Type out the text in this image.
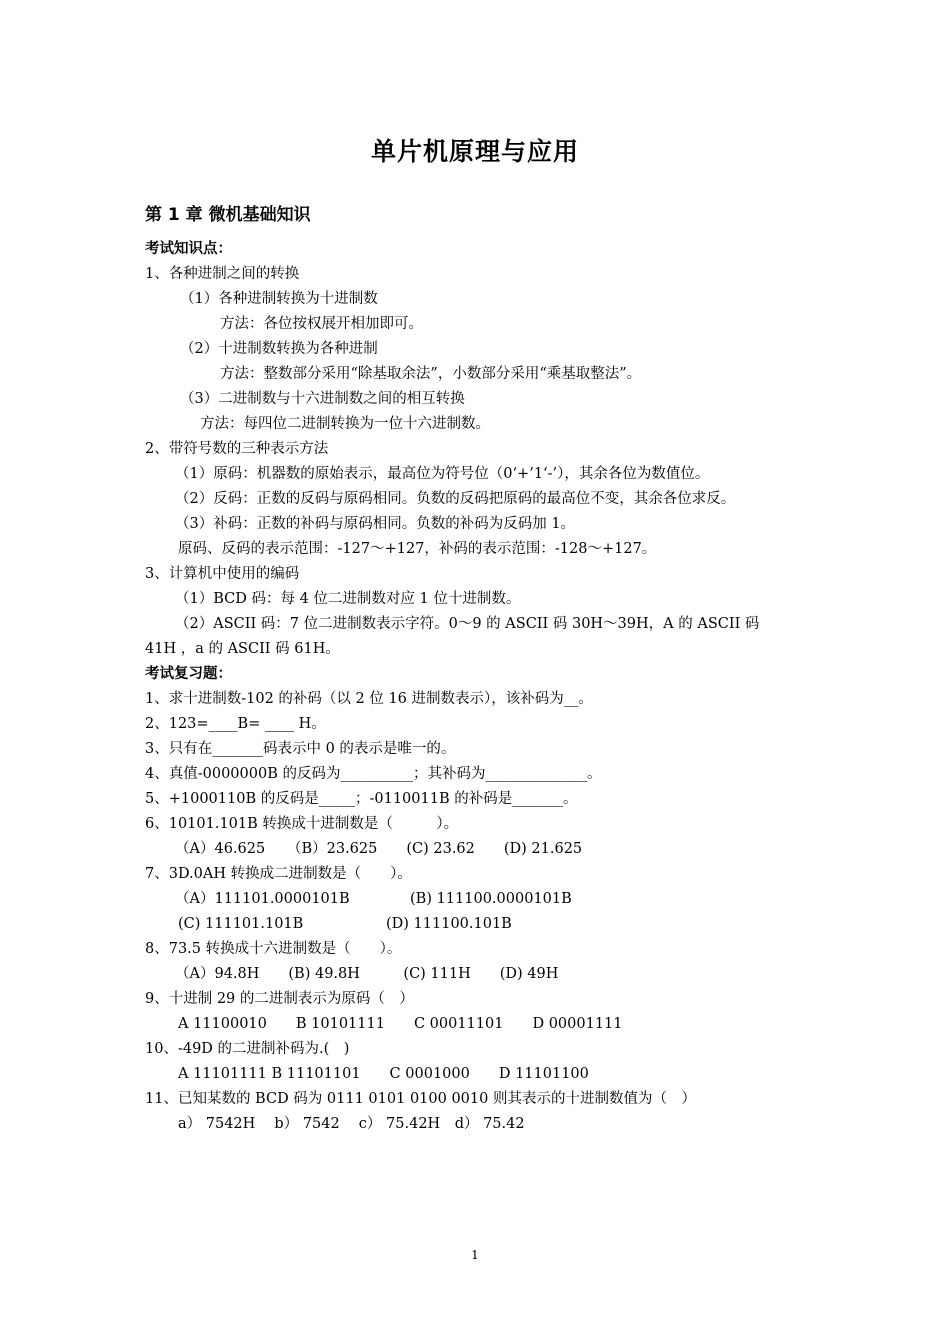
单片机原理与应用
第 1 章 微机基础知识
考试知识点：
1、各种进制之间的转换
（1）各种进制转换为十进制数
方法：各位按权展开相加即可。
（2）十进制数转换为各种进制
方法：整数部分采用“除基取余法”，小数部分采用“乘基取整法”。
（3）二进制数与十六进制数之间的相互转换
方法：每四位二进制转换为一位十六进制数。
2、带符号数的三种表示方法
（1）原码：机器数的原始表示，最高位为符号位（0‘+’1‘-’），其余各位为数值位。
（2）反码：正数的反码与原码相同。负数的反码把原码的最高位不变，其余各位求反。
（3）补码：正数的补码与原码相同。负数的补码为反码加 1。
原码、反码的表示范围：-127～+127，补码的表示范围：-128～+127。
3、计算机中使用的编码
（1）BCD 码：每 4 位二进制数对应 1 位十进制数。
（2）ASCII 码：7 位二进制数表示字符。0～9 的 ASCII 码 30H～39H，A 的 ASCII 码
41H ，a 的 ASCII 码 61H。
考试复习题：
1、求十进制数-102 的补码（以 2 位 16 进制数表示），该补码为__。
2、123=____B= ____ H。
3、只有在_______码表示中 0 的表示是唯一的。
4、真值-0000000B 的反码为__________；其补码为______________。
5、+1000110B 的反码是_____；-0110011B 的补码是_______。
6、10101.101B 转换成十进制数是（　　　）。
（A）46.625　　（B）23.625　　(C) 23.62　　(D) 21.625
7、3D.0AH 转换成二进制数是（　　）。
（A）111101.0000101B	(B) 111100.0000101B
(C) 111101.101B	(D) 111100.101B
8、73.5 转换成十六进制数是（　　）。
（A）94.8H　　(B) 49.8H　　　(C) 111H　　(D) 49H
9、十进制 29 的二进制表示为原码（　）
A 11100010　　B 10101111　　C 00011101　　D 00001111
10、-49D 的二进制补码为.(　)
A 11101111 B 11101101　　C 0001000　　D 11101100
11、已知某数的 BCD 码为 0111 0101 0100 0010 则其表示的十进制数值为（　）
a） 7542H　 b） 7542　 c） 75.42H　d） 75.42
1
